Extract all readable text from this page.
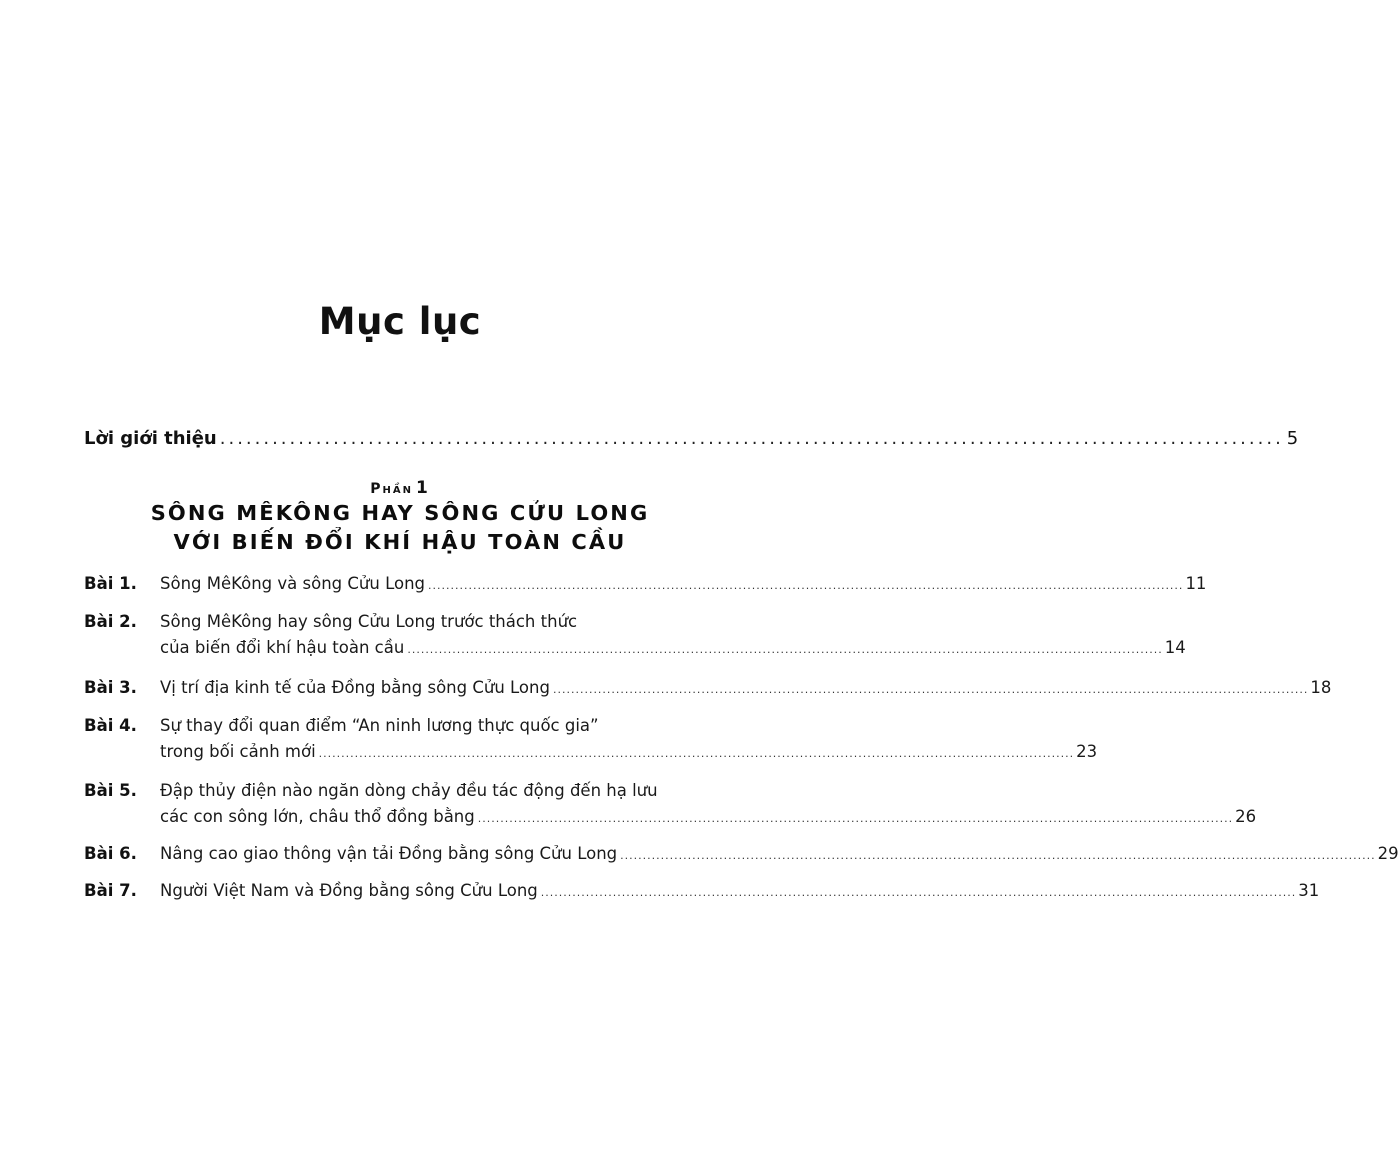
Mục lục
Lời giới thiệu .......................................................................................................................... 5
Phần 1
SÔNG MÊKÔNG HAY SÔNG CỬU LONG
VỚI BIẾN ĐỔI KHÍ HẬU TOÀN CẦU
Bài 1.	Sông MêKông và sông Cửu Long ........................................................................................................................................................................ 11
Bài 2.	Sông MêKông hay sông Cửu Long trước thách thức
của biến đổi khí hậu toàn cầu ........................................................................................................................................................................ 14
Bài 3.	Vị trí địa kinh tế của Đồng bằng sông Cửu Long ........................................................................................................................................................................ 18
Bài 4.	Sự thay đổi quan điểm “An ninh lương thực quốc gia”
trong bối cảnh mới ........................................................................................................................................................................ 23
Bài 5.	Đập thủy điện nào ngăn dòng chảy đều tác động đến hạ lưu
các con sông lớn, châu thổ đồng bằng ........................................................................................................................................................................ 26
Bài 6.	Nâng cao giao thông vận tải Đồng bằng sông Cửu Long ........................................................................................................................................................................ 29
Bài 7.	Người Việt Nam và Đồng bằng sông Cửu Long ........................................................................................................................................................................ 31
